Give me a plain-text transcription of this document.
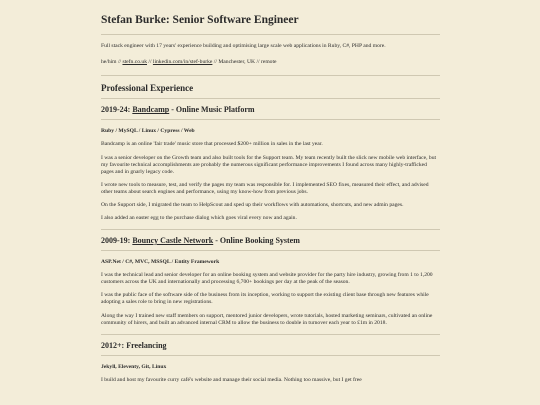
Stefan Burke: Senior Software Engineer

Full stack engineer with 17 years' experience building and optimising large scale web applications in Ruby, C#, PHP and more.

he/him // stefn.co.uk // linkedin.com/in/stef-burke // Manchester, UK // remote

Professional Experience
2019-24: Bandcamp - Online Music Platform

Ruby / MySQL / Linux / Cypress / Web

Bandcamp is an online 'fair trade' music store that processed $200+ million in sales in the last year.

I was a senior developer on the Growth team and also built tools for the Support team. My team recently built the slick new mobile web interface, but my favourite technical accomplishments are probably the numerous significant performance improvements I found across many highly-trafficked pages and in gnarly legacy code.

I wrote new tools to measure, test, and verify the pages my team was responsible for. I implemented SEO fixes, measured their effect, and advised other teams about search engines and performance, using my know-how from previous jobs.

On the Support side, I migrated the team to HelpScout and sped up their workflows with automations, shortcuts, and new admin pages.

I also added an easter egg to the purchase dialog which goes viral every now and again.

2009-19: Bouncy Castle Network - Online Booking System

ASP.Net / C#, MVC, MSSQL / Entity Framework

I was the technical lead and senior developer for an online booking system and website provider for the party hire industry, growing from 1 to 1,200 customers across the UK and internationally and processing 6,700+ bookings per day at the peak of the season.

I was the public face of the software side of the business from its inception, working to support the existing client base through new features while adopting a sales role to bring in new registrations.

Along the way I trained new staff members on support, mentored junior developers, wrote tutorials, hosted marketing seminars, cultivated an online community of hirers, and built an advanced internal CRM to allow the business to double in turnover each year to £1m in 2018.

2012+: Freelancing

Jekyll, Eleventy, Git, Linux

I build and host my favourite curry café's website and manage their social media. Nothing too massive, but I get free
